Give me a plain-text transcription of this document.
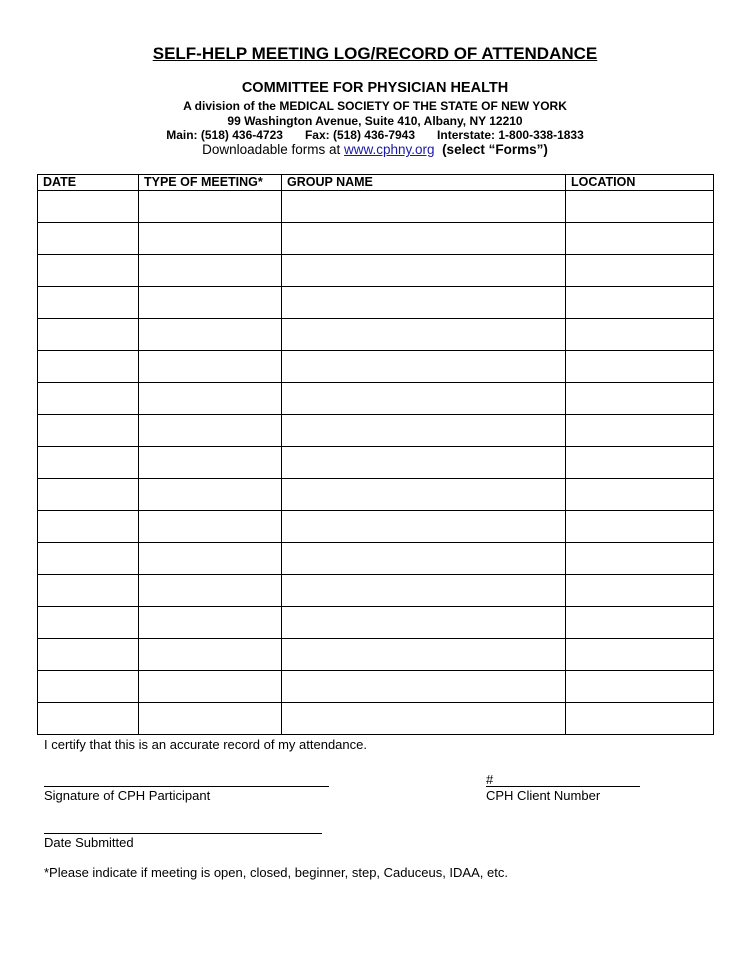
SELF-HELP MEETING LOG/RECORD OF ATTENDANCE
COMMITTEE FOR PHYSICIAN HEALTH
A division of the MEDICAL SOCIETY OF THE STATE OF NEW YORK
99 Washington Avenue, Suite 410, Albany, NY 12210
Main: (518) 436-4723 Fax: (518) 436-7943 Interstate: 1-800-338-1833
Downloadable forms at www.cphny.org (select “Forms”)
DATE	TYPE OF MEETING*	GROUP NAME	LOCATION

I certify that this is an accurate record of my attendance.
Signature of CPH Participant
#
CPH Client Number
Date Submitted
*Please indicate if meeting is open, closed, beginner, step, Caduceus, IDAA, etc.
